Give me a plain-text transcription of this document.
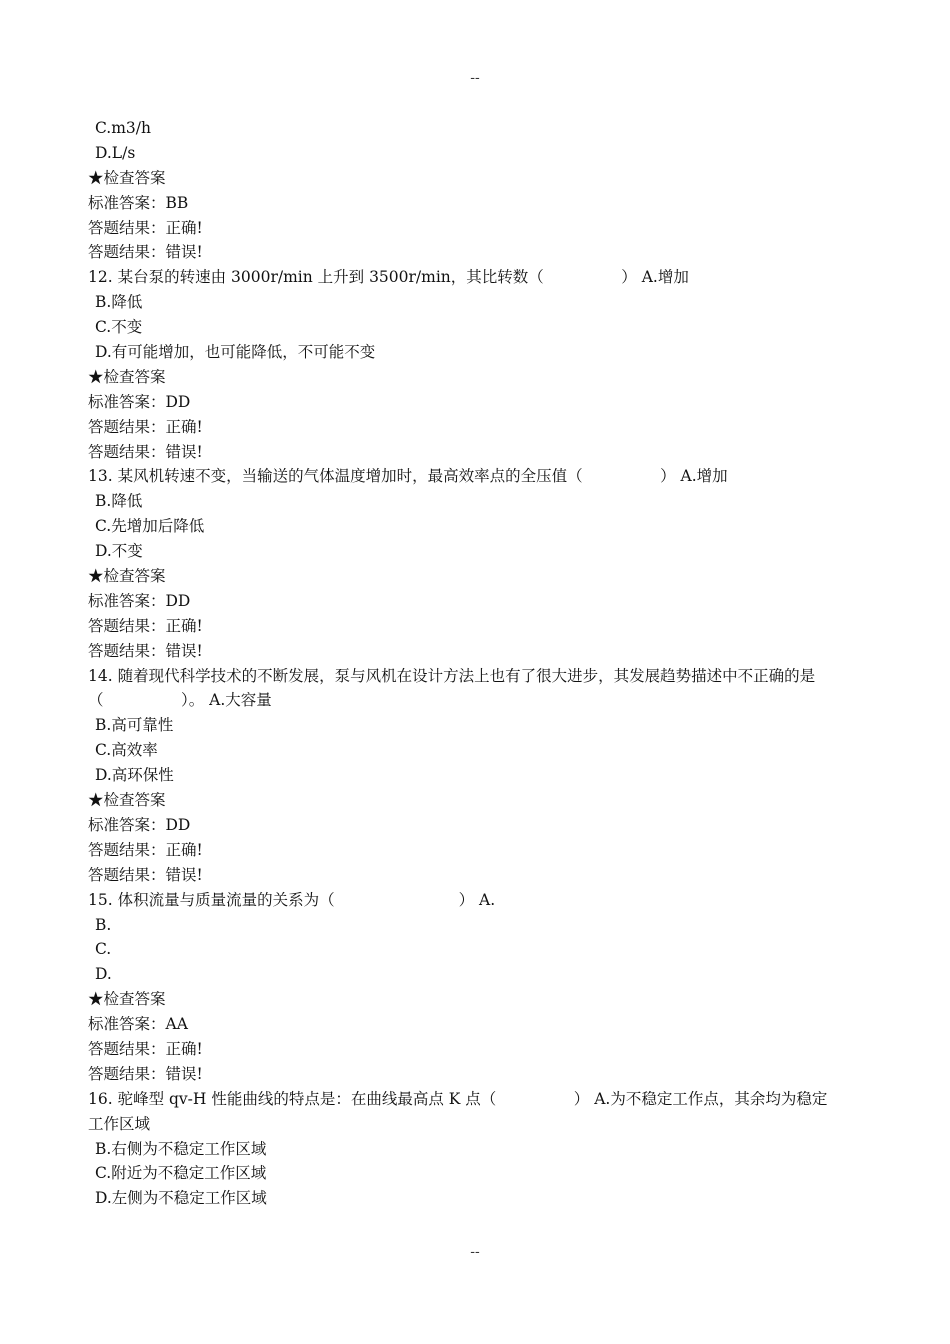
--
C.m3/h
D.L/s
★检查答案
标准答案：BB
答题结果：正确!
答题结果：错误!
12. 某台泵的转速由 3000r/min 上升到 3500r/min，其比转数（　　　　　） A.增加
B.降低
C.不变
D.有可能增加，也可能降低，不可能不变
★检查答案
标准答案：DD
答题结果：正确!
答题结果：错误!
13. 某风机转速不变，当输送的气体温度增加时，最高效率点的全压值（　　　　　） A.增加
B.降低
C.先增加后降低
D.不变
★检查答案
标准答案：DD
答题结果：正确!
答题结果：错误!
14. 随着现代科学技术的不断发展，泵与风机在设计方法上也有了很大进步，其发展趋势描述中不正确的是
（　　　　　）。 A.大容量
B.高可靠性
C.高效率
D.高环保性
★检查答案
标准答案：DD
答题结果：正确!
答题结果：错误!
15. 体积流量与质量流量的关系为（　　　　　　　　） A.
B.
C.
D.
★检查答案
标准答案：AA
答题结果：正确!
答题结果：错误!
16. 驼峰型 qv-H 性能曲线的特点是：在曲线最高点 K 点（　　　　　） A.为不稳定工作点，其余均为稳定
工作区域
B.右侧为不稳定工作区域
C.附近为不稳定工作区域
D.左侧为不稳定工作区域
--
